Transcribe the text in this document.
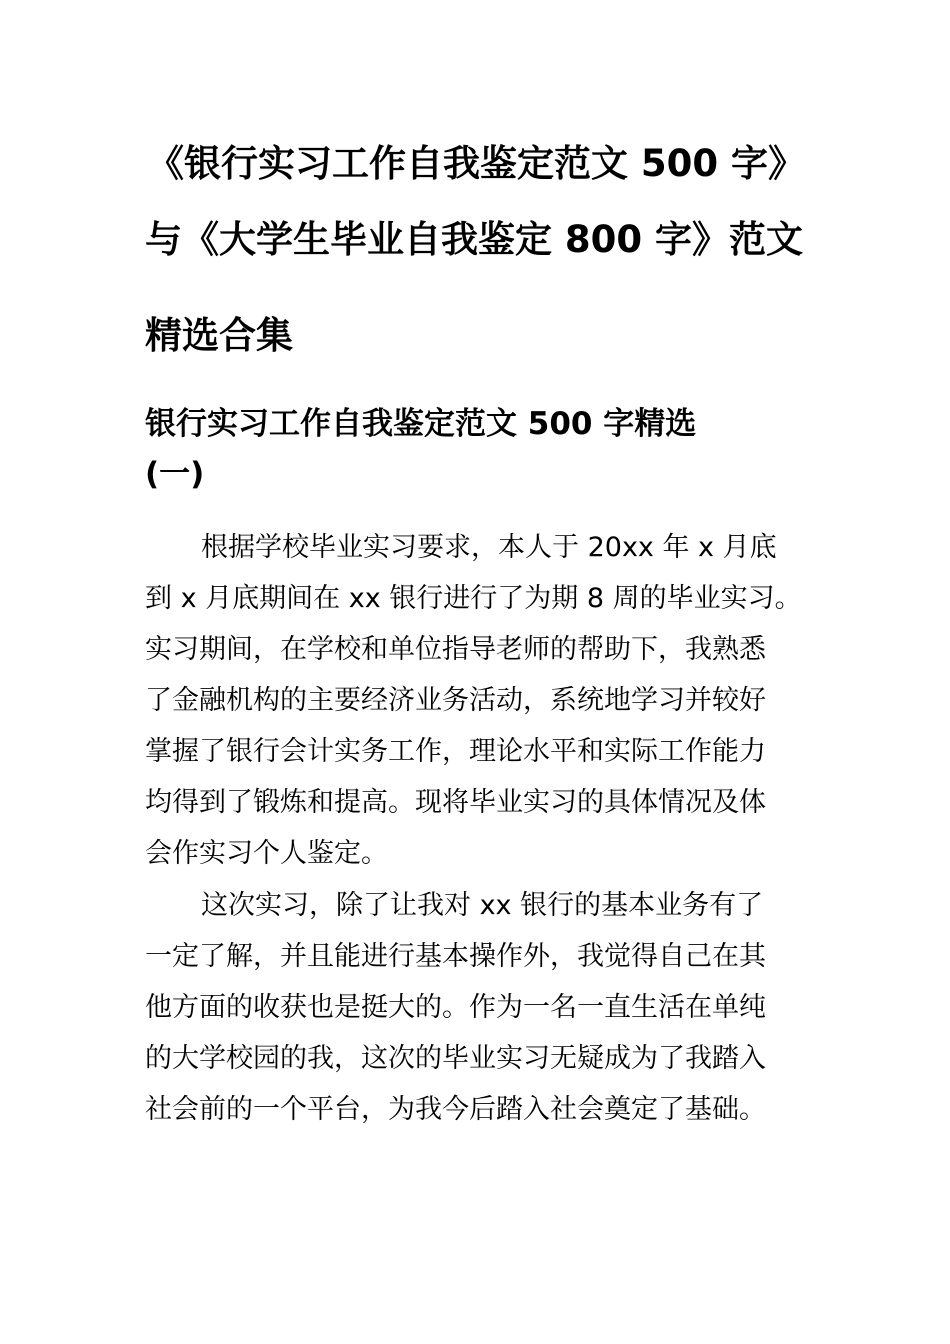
《银行实习工作自我鉴定范文 500 字》
与《大学生毕业自我鉴定 800 字》范文
精选合集
银行实习工作自我鉴定范文 500 字精选
(一)
根据学校毕业实习要求，本人于 20xx 年 x 月底
到 x 月底期间在 xx 银行进行了为期 8 周的毕业实习。
实习期间，在学校和单位指导老师的帮助下，我熟悉
了金融机构的主要经济业务活动，系统地学习并较好
掌握了银行会计实务工作，理论水平和实际工作能力
均得到了锻炼和提高。现将毕业实习的具体情况及体
会作实习个人鉴定。
这次实习，除了让我对 xx 银行的基本业务有了
一定了解，并且能进行基本操作外，我觉得自己在其
他方面的收获也是挺大的。作为一名一直生活在单纯
的大学校园的我，这次的毕业实习无疑成为了我踏入
社会前的一个平台，为我今后踏入社会奠定了基础。
